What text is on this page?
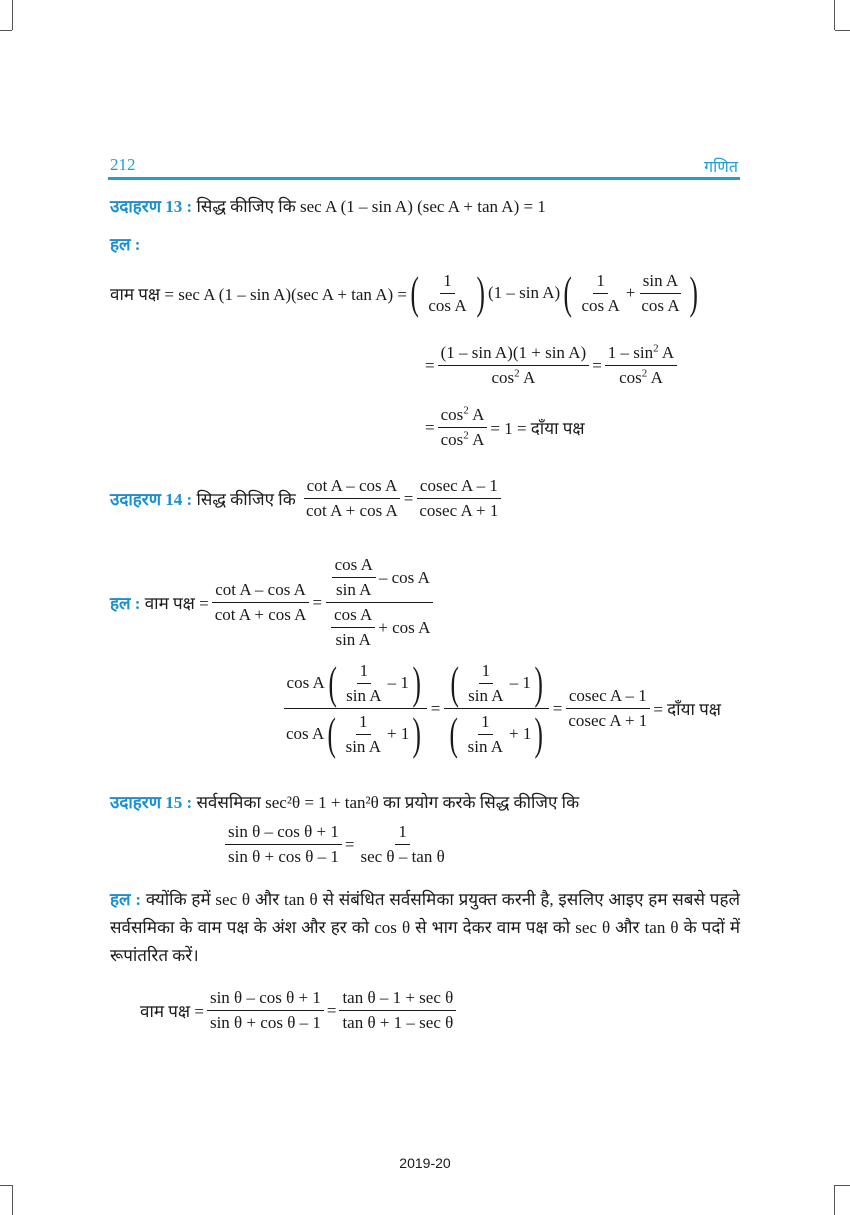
212	गणित
उदाहरण 13 : सिद्ध कीजिए कि sec A (1 – sin A) (sec A + tan A) = 1
हल :
वाम पक्ष = sec A (1 – sin A)(sec A + tan A) = ( $\frac{1}{\text{cos A}}$ ) (1 – sin A) ( $\frac{1}{\text{cos A}} + \frac{\text{sin A}}{\text{cos A}}$ )
= $\frac{\text{(1 – sin A)(1 + sin A)}}{\cos^2 A} = \frac{1 - \sin^2 A}{\cos^2 A}$
= $\frac{\cos^2 A}{\cos^2 A} = 1$ = दाँया पक्ष
उदाहरण 14 :
सिद्ध कीजिए कि
$\frac{\text{cot A – cos A}}{\text{cot A + cos A}} = \frac{\text{cosec A – 1}}{\text{cosec A + 1}}$
हल :
वाम पक्ष = $\frac{\text{cot A – cos A}}{\text{cot A + cos A}} = \frac{\frac{\text{cos A}}{\text{sin A}} - \cos A}{\frac{\text{cos A}}{\text{sin A}} + \cos A}$
$\frac{\cos A ( \frac{1}{\text{sin A}} - 1 )}{\cos A ( \frac{1}{\text{sin A}} + 1 )} = \frac{( \frac{1}{\text{sin A}} - 1 )}{( \frac{1}{\text{sin A}} + 1 )} = \frac{\text{cosec A – 1}}{\text{cosec A + 1}}$ = दाँया पक्ष
उदाहरण 15 : सर्वसमिका sec²θ = 1 + tan²θ का प्रयोग करके सिद्ध कीजिए कि
$\frac{\text{sin θ – cos θ + 1}}{\text{sin θ + cos θ – 1}} = \frac{1}{\text{sec θ – tan θ}}$
हल : क्योंकि हमें sec θ और tan θ से संबंधित सर्वसमिका प्रयुक्त करनी है, इसलिए आइए हम सबसे पहले सर्वसमिका के वाम पक्ष के अंश और हर को cos θ से भाग देकर वाम पक्ष को sec θ और tan θ के पदों में रूपांतरित करें।
वाम पक्ष = $\frac{\text{sin θ – cos θ + 1}}{\text{sin θ + cos θ – 1}} = \frac{\text{tan θ – 1 + sec θ}}{\text{tan θ + 1 – sec θ}}$
2019-20
